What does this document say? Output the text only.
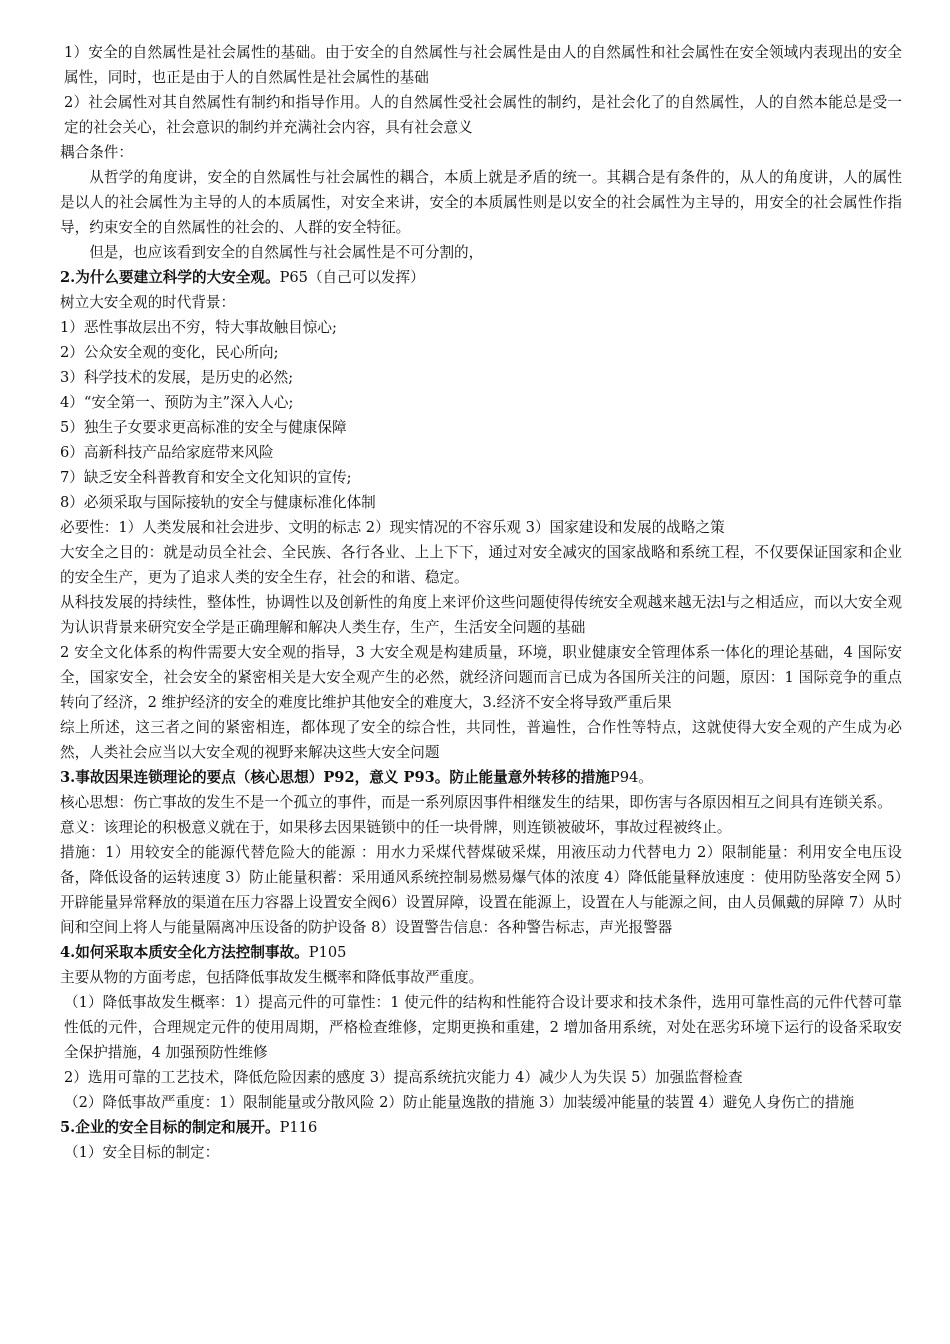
1）安全的自然属性是社会属性的基础。由于安全的自然属性与社会属性是由人的自然属性和社会属性在安全领域内表现出的安全属性，同时，也正是由于人的自然属性是社会属性的基础

2）社会属性对其自然属性有制约和指导作用。人的自然属性受社会属性的制约，是社会化了的自然属性，人的自然本能总是受一定的社会关心，社会意识的制约并充满社会内容，具有社会意义

耦合条件：

从哲学的角度讲，安全的自然属性与社会属性的耦合，本质上就是矛盾的统一。其耦合是有条件的，从人的角度讲，人的属性是以人的社会属性为主导的人的本质属性，对安全来讲，安全的本质属性则是以安全的社会属性为主导的，用安全的社会属性作指导，约束安全的自然属性的社会的、人群的安全特征。

但是，也应该看到安全的自然属性与社会属性是不可分割的，

2.为什么要建立科学的大安全观。P65（自己可以发挥）

树立大安全观的时代背景：

1）恶性事故层出不穷，特大事故触目惊心;

2）公众安全观的变化，民心所向;

3）科学技术的发展，是历史的必然;

4）“安全第一、预防为主”深入人心;

5）独生子女要求更高标准的安全与健康保障

6）高新科技产品给家庭带来风险

7）缺乏安全科普教育和安全文化知识的宣传;

8）必须采取与国际接轨的安全与健康标准化体制

必要性：1）人类发展和社会进步、文明的标志 2）现实情况的不容乐观 3）国家建设和发展的战略之策

大安全之目的：就是动员全社会、全民族、各行各业、上上下下，通过对安全减灾的国家战略和系统工程，不仅要保证国家和企业的安全生产，更为了追求人类的安全生存，社会的和谐、稳定。

从科技发展的持续性，整体性，协调性以及创新性的角度上来评价这些问题使得传统安全观越来越无法l与之相适应，而以大安全观为认识背景来研究安全学是正确理解和解决人类生存，生产，生活安全问题的基础

2 安全文化体系的构件需要大安全观的指导，3 大安全观是构建质量，环境，职业健康安全管理体系一体化的理论基础，4 国际安全，国家安全，社会安全的紧密相关是大安全观产生的必然，就经济问题而言已成为各国所关注的问题，原因：1 国际竞争的重点转向了经济，2 维护经济的安全的难度比维护其他安全的难度大，3.经济不安全将导致严重后果

综上所述，这三者之间的紧密相连，都体现了安全的综合性，共同性，普遍性，合作性等特点，这就使得大安全观的产生成为必然，人类社会应当以大安全观的视野来解决这些大安全问题

3.事故因果连锁理论的要点（核心思想）P92，意义 P93。防止能量意外转移的措施P94。

核心思想：伤亡事故的发生不是一个孤立的事件，而是一系列原因事件相继发生的结果，即伤害与各原因相互之间具有连锁关系。

意义：该理论的积极意义就在于，如果移去因果链锁中的任一块骨牌，则连锁被破坏，事故过程被终止。

措施：1）用较安全的能源代替危险大的能源 ：用水力采煤代替煤破采煤，用液压动力代替电力 2）限制能量：利用安全电压设备，降低设备的运转速度 3）防止能量积蓄：采用通风系统控制易燃易爆气体的浓度 4）降低能量释放速度 ：使用防坠落安全网 5）开辟能量异常释放的渠道在压力容器上设置安全阀6）设置屏障，设置在能源上，设置在人与能源之间，由人员佩戴的屏障 7）从时间和空间上将人与能量隔离冲压设备的防护设备 8）设置警告信息：各种警告标志，声光报警器

4.如何采取本质安全化方法控制事故。P105

主要从物的方面考虑，包括降低事故发生概率和降低事故严重度。

（1）降低事故发生概率：1）提高元件的可靠性：1 使元件的结构和性能符合设计要求和技术条件，选用可靠性高的元件代替可靠性低的元件，合理规定元件的使用周期，严格检查维修，定期更换和重建，2 增加备用系统，对处在恶劣环境下运行的设备采取安全保护措施，4 加强预防性维修

2）选用可靠的工艺技术，降低危险因素的感度 3）提高系统抗灾能力 4）减少人为失误 5）加强监督检查

（2）降低事故严重度：1）限制能量或分散风险 2）防止能量逸散的措施 3）加装缓冲能量的装置 4）避免人身伤亡的措施

5.企业的安全目标的制定和展开。P116

（1）安全目标的制定：
